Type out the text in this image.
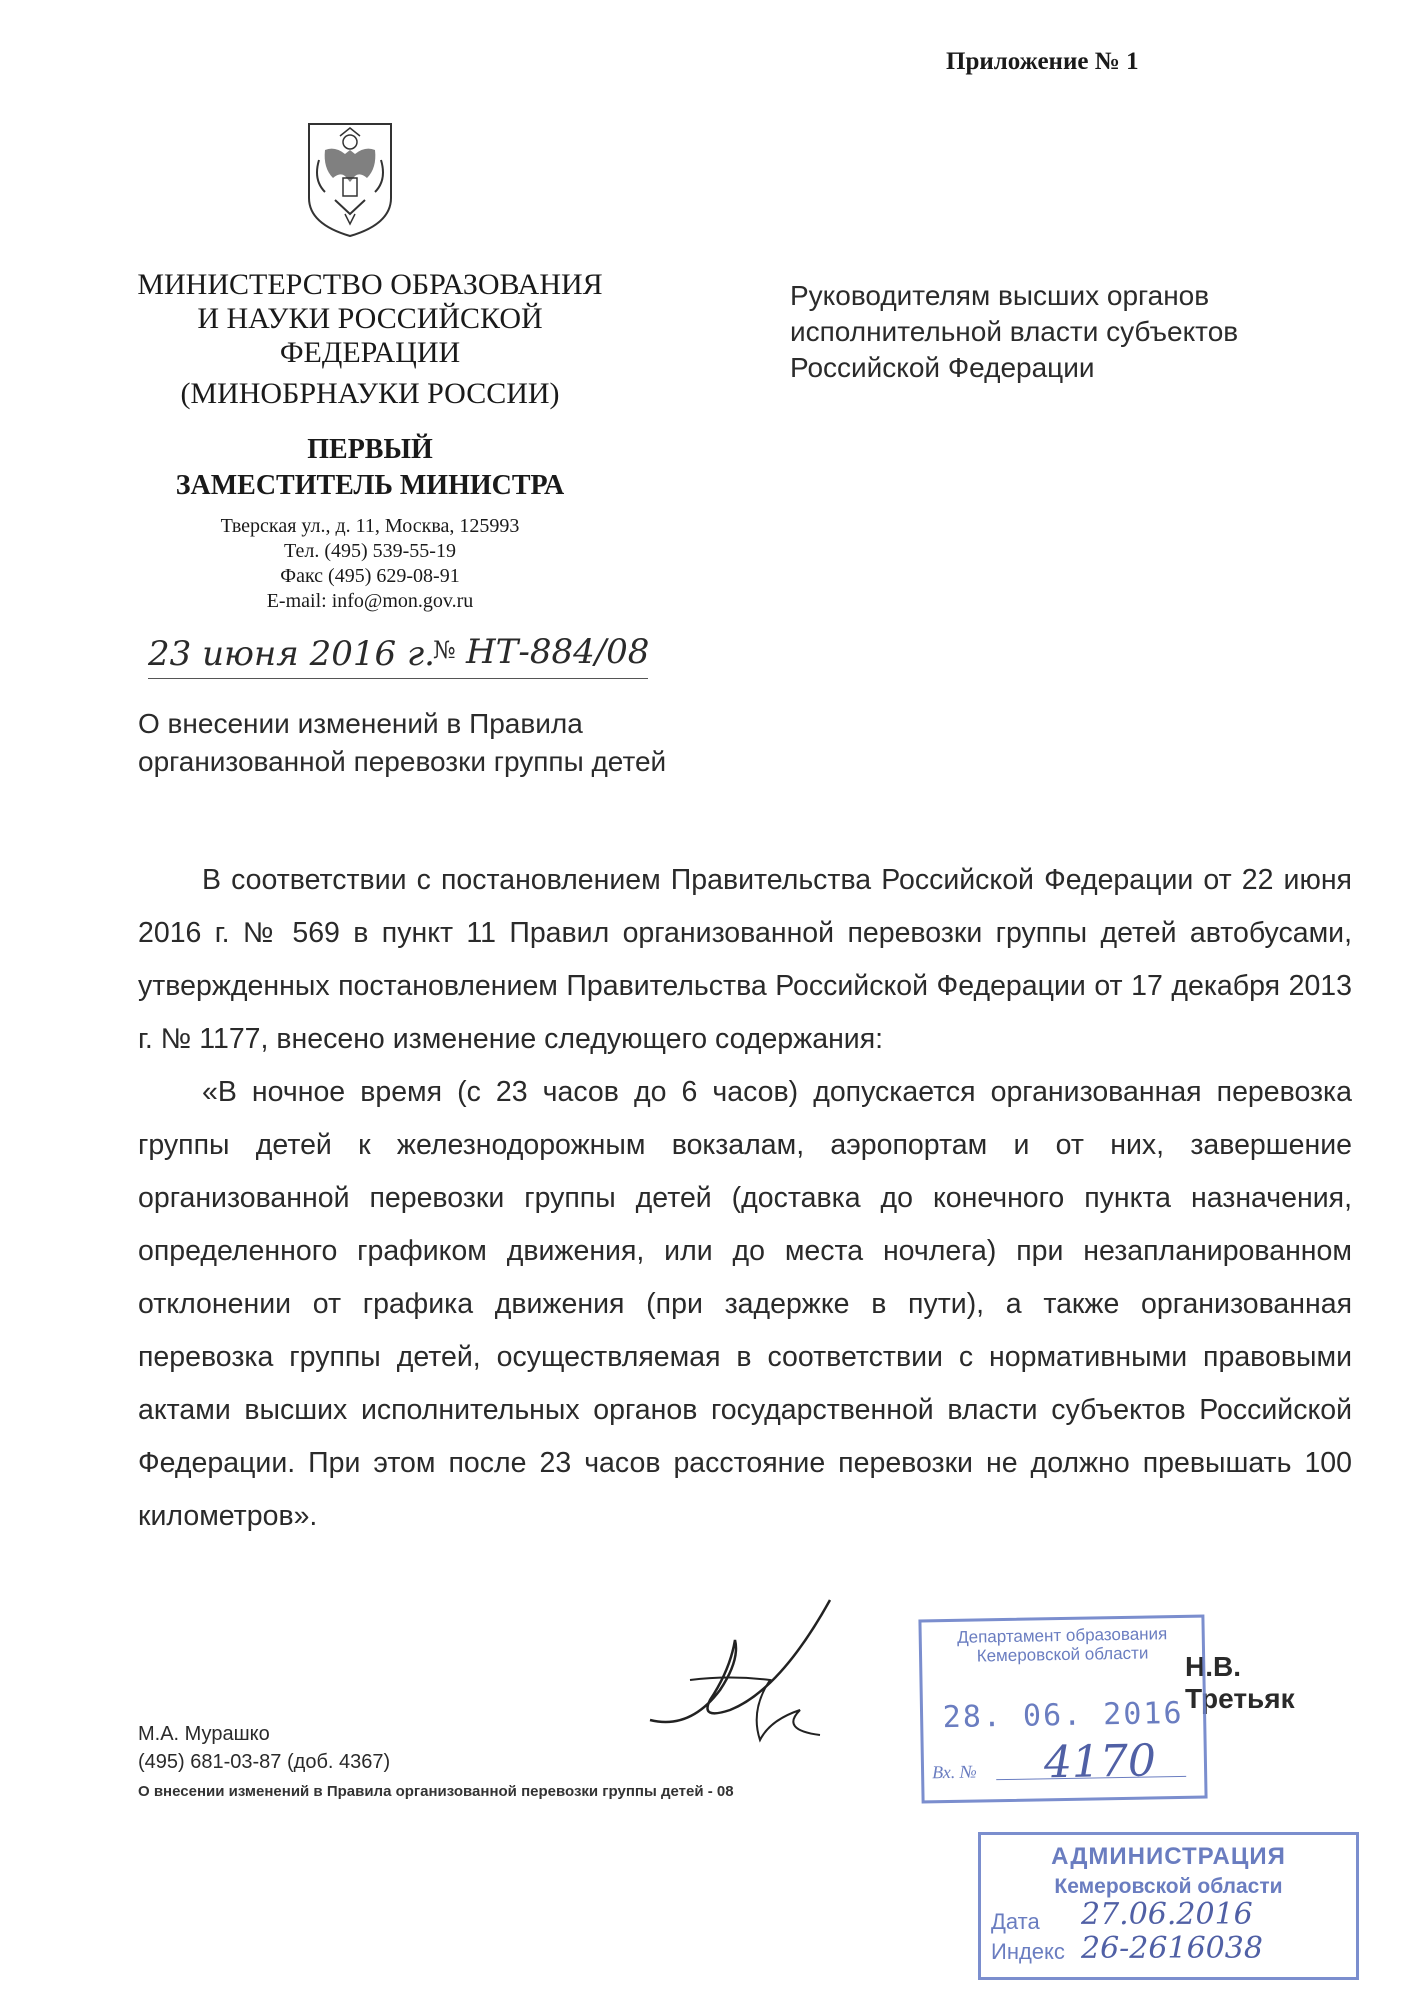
Приложение № 1
МИНИСТЕРСТВО ОБРАЗОВАНИЯ
И НАУКИ РОССИЙСКОЙ
ФЕДЕРАЦИИ
(МИНОБРНАУКИ РОССИИ)
ПЕРВЫЙ
ЗАМЕСТИТЕЛЬ МИНИСТРА
Тверская ул., д. 11, Москва, 125993
Тел. (495) 539-55-19
Факс (495) 629-08-91
E-mail: info@mon.gov.ru
Руководителям высших органов
исполнительной власти субъектов
Российской Федерации
23 июня 2016 г.
№ НТ-884/08
О внесении изменений в Правила
организованной перевозки группы детей

В соответствии с постановлением Правительства Российской Федерации от 22 июня 2016 г. № 569 в пункт 11 Правил организованной перевозки группы детей автобусами, утвержденных постановлением Правительства Российской Федерации от 17 декабря 2013 г. № 1177, внесено изменение следующего содержания:

«В ночное время (с 23 часов до 6 часов) допускается организованная перевозка группы детей к железнодорожным вокзалам, аэропортам и от них, завершение организованной перевозки группы детей (доставка до конечного пункта назначения, определенного графиком движения, или до места ночлега) при незапланированном отклонении от графика движения (при задержке в пути), а также организованная перевозка группы детей, осуществляемая в соответствии с нормативными правовыми актами высших исполнительных органов государственной власти субъектов Российской Федерации. При этом после 23 часов расстояние перевозки не должно превышать 100 километров».

Н.В. Третьяк
М.А. Мурашко
(495) 681-03-87 (доб. 4367)
О внесении изменений в Правила организованной перевозки группы детей - 08
Департамент образования
Кемеровской области
28. 06. 2016
Вх. № 4170
АДМИНИСТРАЦИЯ
Кемеровской области
Дата 27.06.2016
Индекс 26-2616038
